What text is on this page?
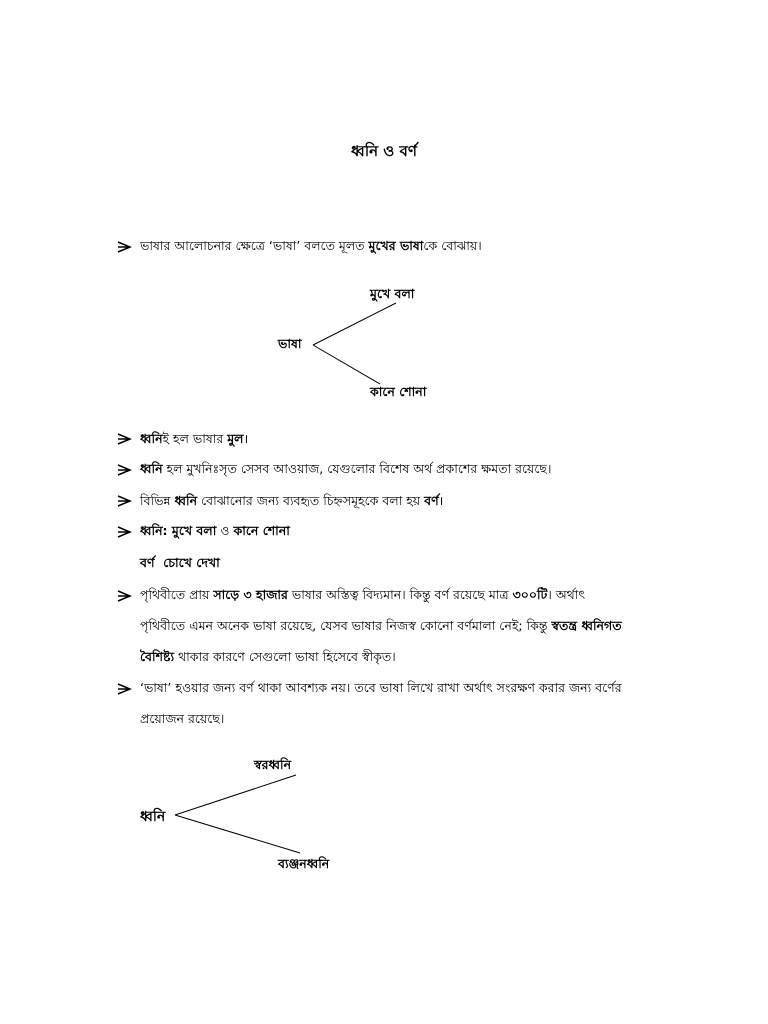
ধ্বনি ও বর্ণ
ভাষার আলোচনার ক্ষেত্রে ‘ভাষা’ বলতে মূলত মুখের ভাষাকে বোঝায়।
মুখে বলা
ভাষা
কানে শোনা
ধ্বনিই হল ভাষার মুল।
ধ্বনি হল মুখনিঃসৃত সেসব আওয়াজ, যেগুলোর বিশেষ অর্থ প্রকাশের ক্ষমতা রয়েছে।
বিভিন্ন ধ্বনি বোঝানোর জন্য ব্যবহৃত চিহ্নসমূহকে বলা হয় বর্ণ।
ধ্বনি: মুখে বলা ও কানে শোনা
বর্ণ  চোখে দেখা
পৃথিবীতে প্রায় সাড়ে ৩ হাজার ভাষার অস্তিত্ব বিদ্যমান। কিন্তু বর্ণ রয়েছে মাত্র ৩০০টি। অর্থাৎ
পৃথিবীতে এমন অনেক ভাষা রয়েছে, যেসব ভাষার নিজস্ব কোনো বর্ণমালা নেই; কিন্তু স্বতন্ত্র ধ্বনিগত
বৈশিষ্ট্য থাকার কারণে সেগুলো ভাষা হিসেবে স্বীকৃত।
‘ভাষা’ হওয়ার জন্য বর্ণ থাকা আবশ্যক নয়। তবে ভাষা লিখে রাখা অর্থাৎ সংরক্ষণ করার জন্য বর্ণের
প্রয়োজন রয়েছে।
স্বরধ্বনি
ধ্বনি
ব্যঞ্জনধ্বনি
